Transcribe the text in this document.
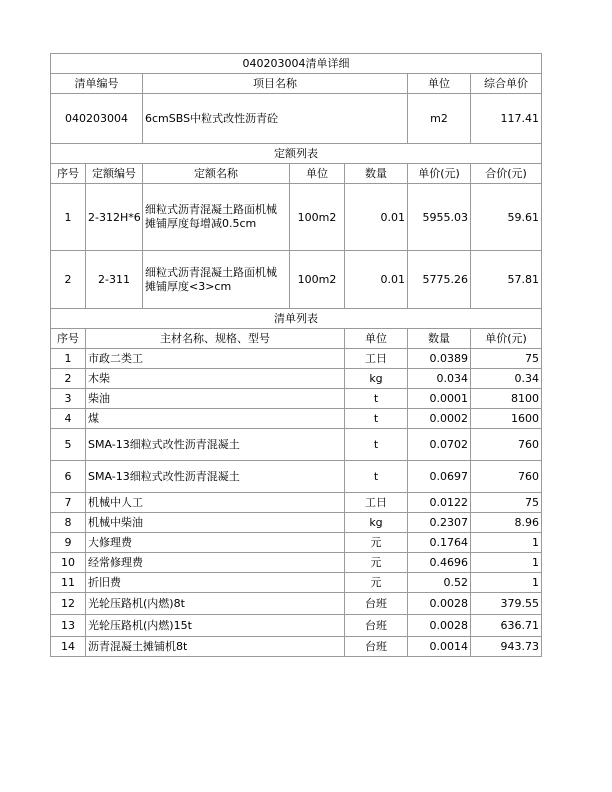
040203004清单详细							
清单编号		项目名称			单位	综合单价	
040203004		6cmSBS中粒式改性沥青砼			m2	117.41	
定额列表							
序号	定额编号	定额名称	单位	数量	单价(元)	合价(元)	
1	2-312H*6	细粒式沥青混凝土路面机械摊铺厚度每增减0.5cm	100m2	0.01	5955.03	59.61	
2	2-311	细粒式沥青混凝土路面机械摊铺厚度<3>cm	100m2	0.01	5775.26	57.81	
清单列表							
序号	主材名称、规格、型号			单位	数量	单价(元)	
1	市政二类工			工日	0.0389	75	
2	木柴			kg	0.034	0.34	
3	柴油			t	0.0001	8100	
4	煤			t	0.0002	1600	
5	SMA-13细粒式改性沥青混凝土			t	0.0702	760	
6	SMA-13细粒式改性沥青混凝土			t	0.0697	760	
7	机械中人工			工日	0.0122	75	
8	机械中柴油			kg	0.2307	8.96	
9	大修理费			元	0.1764	1	
10	经常修理费			元	0.4696	1	
11	折旧费			元	0.52	1	
12	光轮压路机(内燃)8t			台班	0.0028	379.55	
13	光轮压路机(内燃)15t			台班	0.0028	636.71	
14	沥青混凝土摊铺机8t			台班	0.0014	943.73	
